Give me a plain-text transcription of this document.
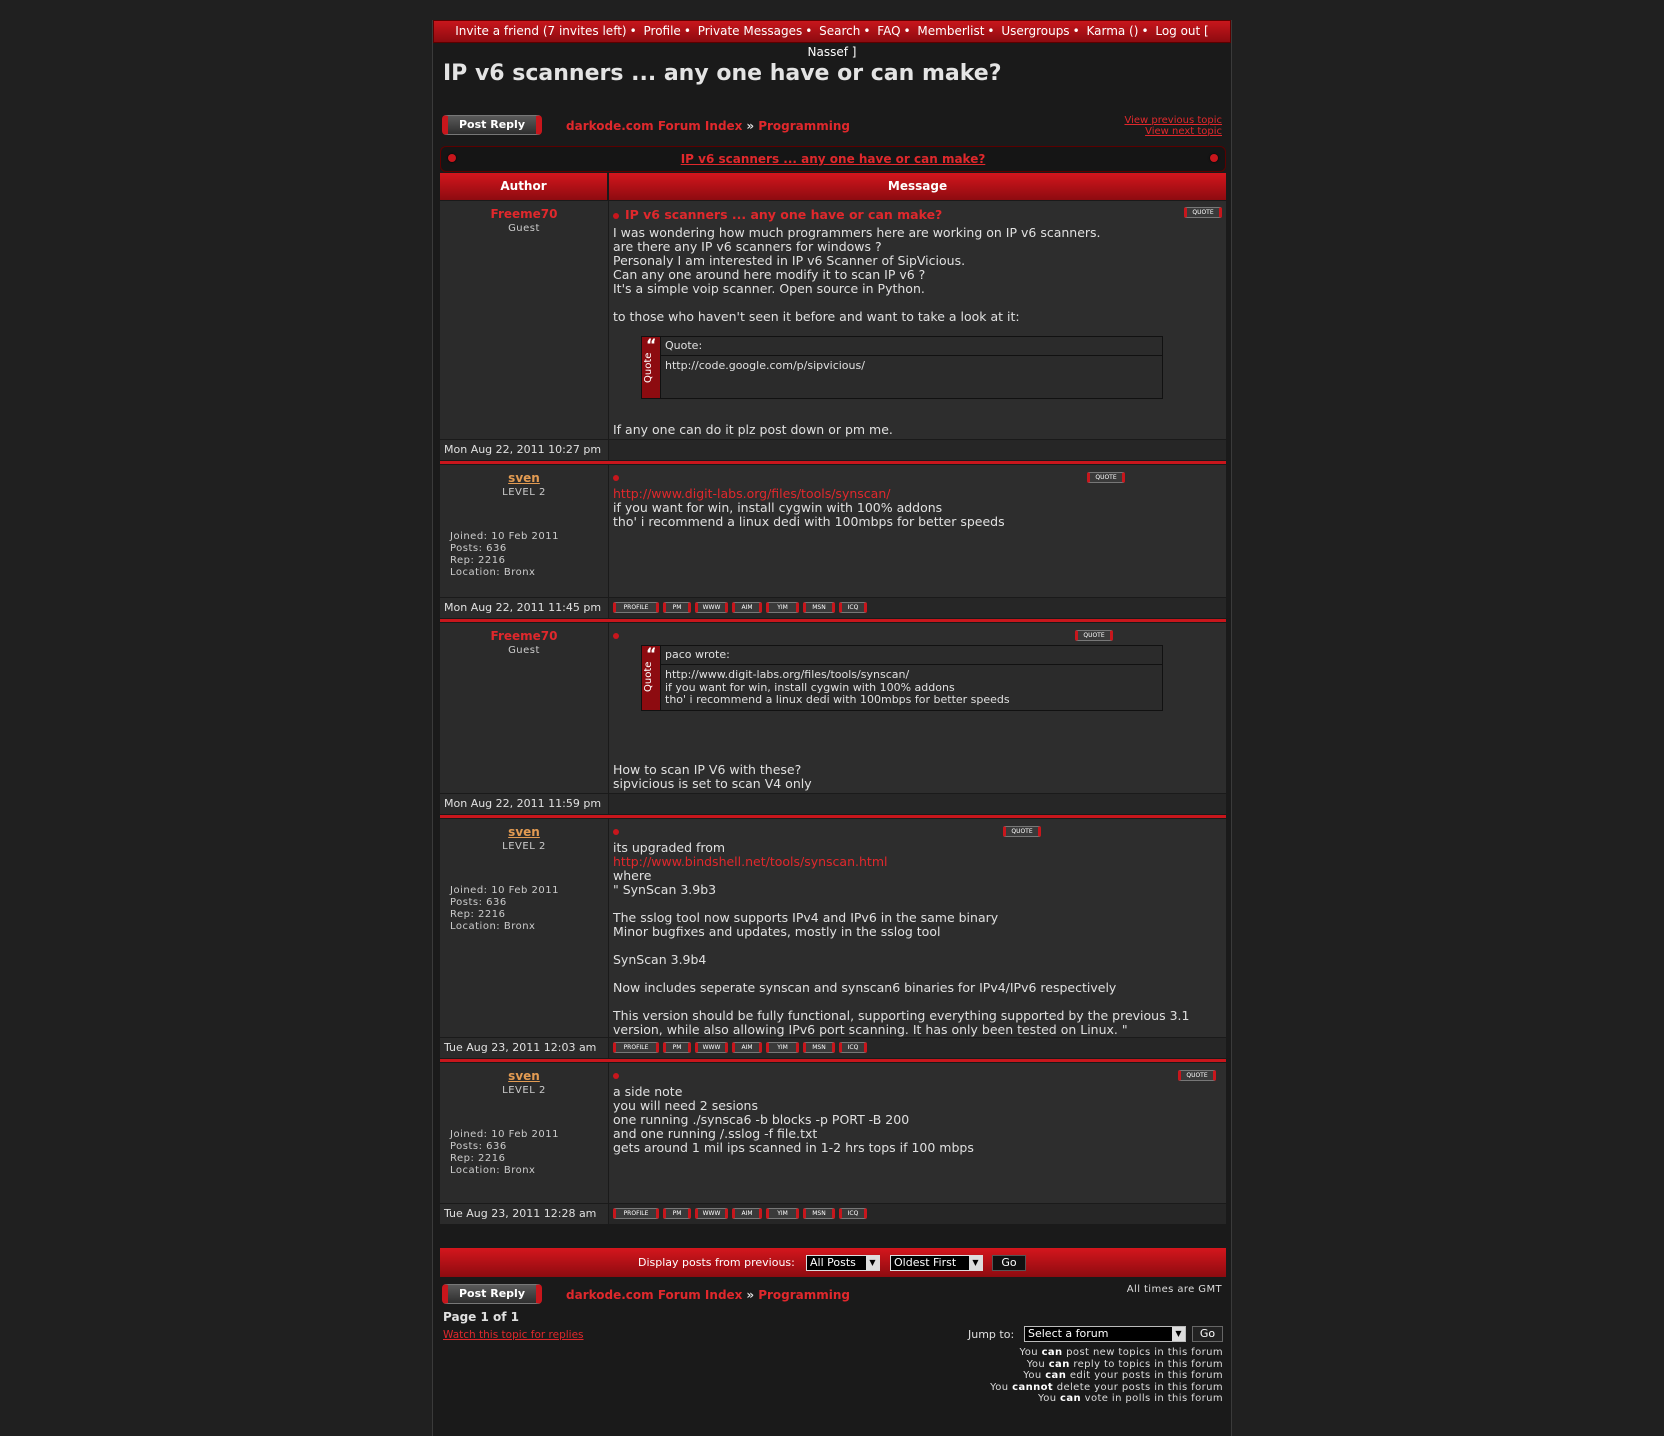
Invite a friend (7 invites left) • Profile • Private Messages • Search • FAQ • Memberlist • Usergroups • Karma () • Log out [ Nassef ]
IP v6 scanners ... any one have or can make?
Post Reply	darkode.com Forum Index » Programming	View previous topic
View next topic
IP v6 scanners ... any one have or can make?
Author	Message
Freeme70
Guest
IP v6 scanners ... any one have or can make?	QUOTE
I was wondering how much programmers here are working on IP v6 scanners.
are there any IP v6 scanners for windows ?
Personaly I am interested in IP v6 Scanner of SipVicious.
Can any one around here modify it to scan IP v6 ?
It's a simple voip scanner. Open source in Python.

to those who haven't seen it before and want to take a look at it:
“
Quote
Quote:
http://code.google.com/p/sipvicious/
If any one can do it plz post down or pm me.
Mon Aug 22, 2011 10:27 pm
sven
LEVEL 2
Joined: 10 Feb 2011
Posts: 636
Rep: 2216
Location: Bronx
QUOTE
http://www.digit-labs.org/files/tools/synscan/
if you want for win, install cygwin with 100% addons
tho' i recommend a linux dedi with 100mbps for better speeds
Mon Aug 22, 2011 11:45 pm	PROFILE	PM	WWW	AIM	YIM	MSN	ICQ
Freeme70
Guest
QUOTE
“
Quote
paco wrote:
http://www.digit-labs.org/files/tools/synscan/
if you want for win, install cygwin with 100% addons
tho' i recommend a linux dedi with 100mbps for better speeds
How to scan IP V6 with these?
sipvicious is set to scan V4 only
Mon Aug 22, 2011 11:59 pm
sven
LEVEL 2
Joined: 10 Feb 2011
Posts: 636
Rep: 2216
Location: Bronx
QUOTE
its upgraded from
http://www.bindshell.net/tools/synscan.html
where
" SynScan 3.9b3

The sslog tool now supports IPv4 and IPv6 in the same binary
Minor bugfixes and updates, mostly in the sslog tool

SynScan 3.9b4

Now includes seperate synscan and synscan6 binaries for IPv4/IPv6 respectively

This version should be fully functional, supporting everything supported by the previous 3.1
version, while also allowing IPv6 port scanning. It has only been tested on Linux. "
Tue Aug 23, 2011 12:03 am	PROFILE	PM	WWW	AIM	YIM	MSN	ICQ
sven
LEVEL 2
Joined: 10 Feb 2011
Posts: 636
Rep: 2216
Location: Bronx
QUOTE
a side note
you will need 2 sesions
one running ./synsca6 -b blocks -p PORT -B 200
and one running /.sslog -f file.txt
gets around 1 mil ips scanned in 1-2 hrs tops if 100 mbps
Tue Aug 23, 2011 12:28 am	PROFILE	PM	WWW	AIM	YIM	MSN	ICQ
Display posts from previous:	All Posts	▼	Oldest First	▼	Go
Post Reply	darkode.com Forum Index » Programming	All times are GMT
Page 1 of 1
Watch this topic for replies	Jump to:	Select a forum	▼	Go
You can post new topics in this forum
You can reply to topics in this forum
You can edit your posts in this forum
You cannot delete your posts in this forum
You can vote in polls in this forum
